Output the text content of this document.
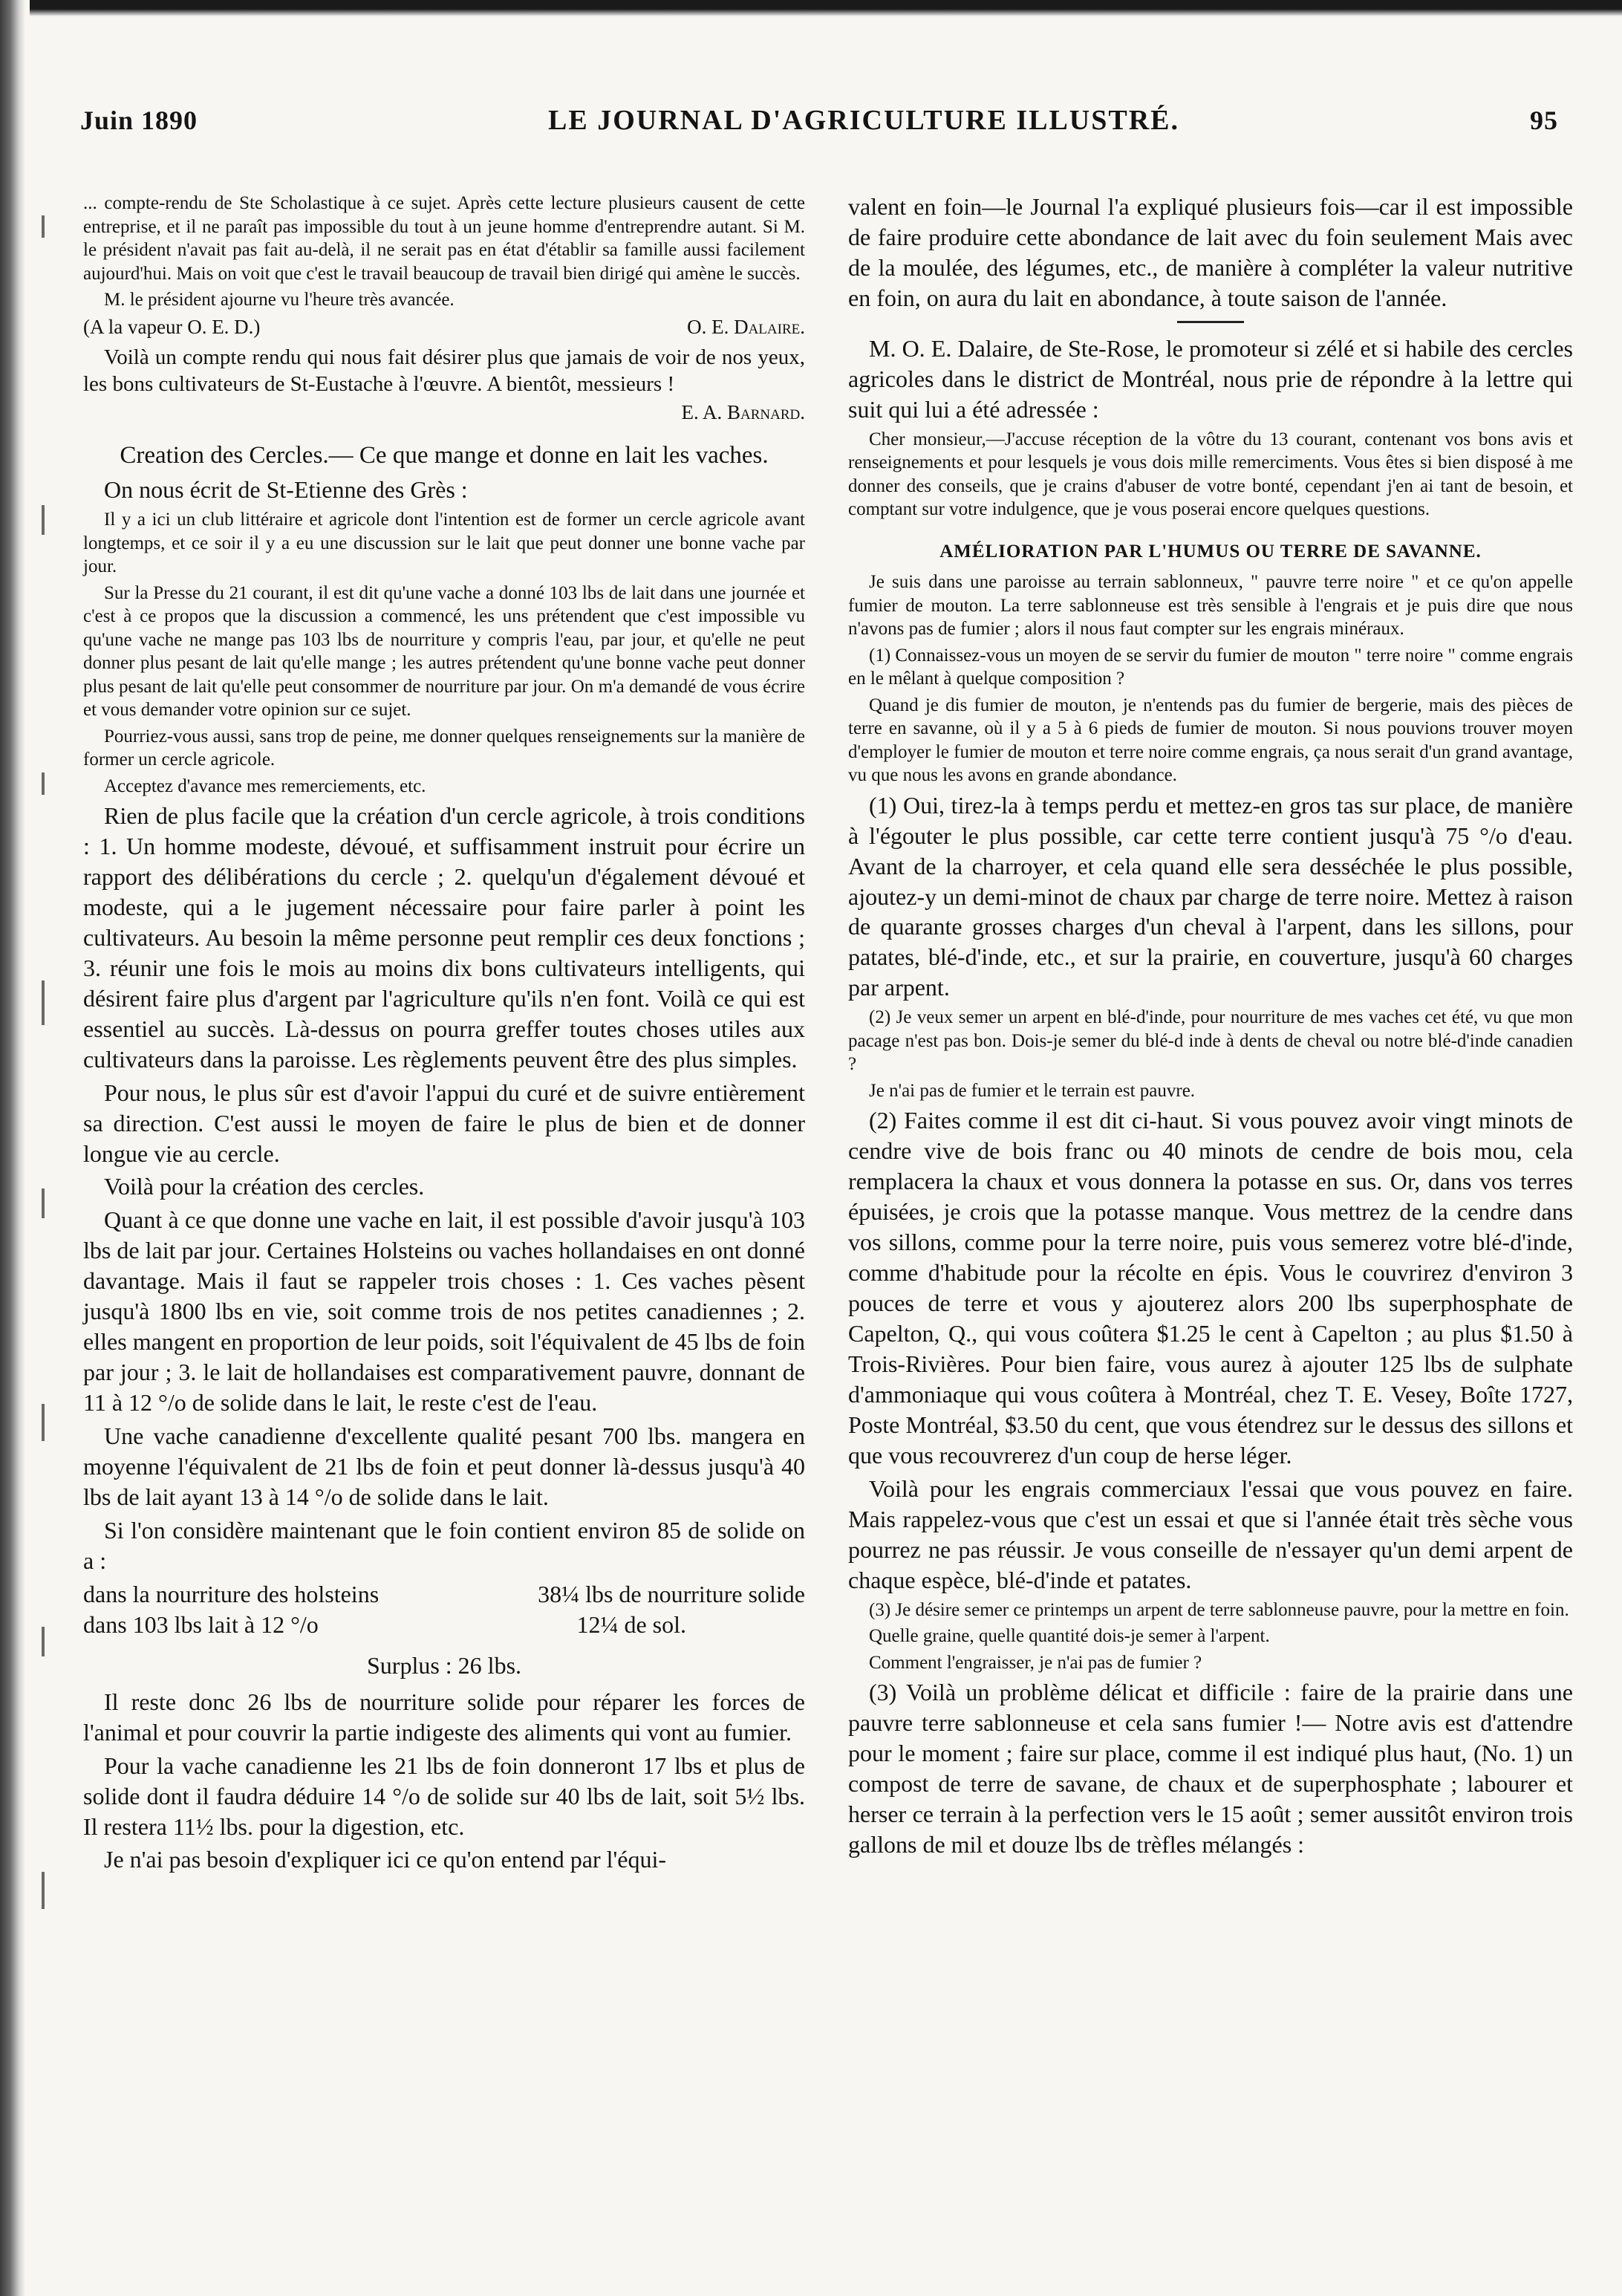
Juin 1890	LE JOURNAL D'AGRICULTURE ILLUSTRÉ.	95

... compte-rendu de Ste Scholastique à ce sujet. Après cette lecture plusieurs causent de cette entreprise, et il ne paraît pas impossible du tout à un jeune homme d'entreprendre autant. Si M. le président n'avait pas fait au-delà, il ne serait pas en état d'établir sa famille aussi facilement aujourd'hui. Mais on voit que c'est le travail beaucoup de travail bien dirigé qui amène le succès.

M. le président ajourne vu l'heure très avancée.

(A la vapeur O. E. D.)	O. E. Dalaire.

Voilà un compte rendu qui nous fait désirer plus que jamais de voir de nos yeux, les bons cultivateurs de St-Eustache à l'œuvre. A bientôt, messieurs !

E. A. Barnard.
Creation des Cercles.— Ce que mange et donne en lait les vaches.

On nous écrit de St-Etienne des Grès :

Il y a ici un club littéraire et agricole dont l'intention est de former un cercle agricole avant longtemps, et ce soir il y a eu une discussion sur le lait que peut donner une bonne vache par jour.

Sur la Presse du 21 courant, il est dit qu'une vache a donné 103 lbs de lait dans une journée et c'est à ce propos que la discussion a commencé, les uns prétendent que c'est impossible vu qu'une vache ne mange pas 103 lbs de nourriture y compris l'eau, par jour, et qu'elle ne peut donner plus pesant de lait qu'elle mange ; les autres prétendent qu'une bonne vache peut donner plus pesant de lait qu'elle peut consommer de nourriture par jour. On m'a demandé de vous écrire et vous demander votre opinion sur ce sujet.

Pourriez-vous aussi, sans trop de peine, me donner quelques renseignements sur la manière de former un cercle agricole.

Acceptez d'avance mes remerciements, etc.

Rien de plus facile que la création d'un cercle agricole, à trois conditions : 1. Un homme modeste, dévoué, et suffisamment instruit pour écrire un rapport des délibérations du cercle ; 2. quelqu'un d'également dévoué et modeste, qui a le jugement nécessaire pour faire parler à point les cultivateurs. Au besoin la même personne peut remplir ces deux fonctions ; 3. réunir une fois le mois au moins dix bons cultivateurs intelligents, qui désirent faire plus d'argent par l'agriculture qu'ils n'en font. Voilà ce qui est essentiel au succès. Là-dessus on pourra greffer toutes choses utiles aux cultivateurs dans la paroisse. Les règlements peuvent être des plus simples.

Pour nous, le plus sûr est d'avoir l'appui du curé et de suivre entièrement sa direction. C'est aussi le moyen de faire le plus de bien et de donner longue vie au cercle.

Voilà pour la création des cercles.

Quant à ce que donne une vache en lait, il est possible d'avoir jusqu'à 103 lbs de lait par jour. Certaines Holsteins ou vaches hollandaises en ont donné davantage. Mais il faut se rappeler trois choses : 1. Ces vaches pèsent jusqu'à 1800 lbs en vie, soit comme trois de nos petites canadiennes ; 2. elles mangent en proportion de leur poids, soit l'équivalent de 45 lbs de foin par jour ; 3. le lait de hollandaises est comparativement pauvre, donnant de 11 à 12 °/o de solide dans le lait, le reste c'est de l'eau.

Une vache canadienne d'excellente qualité pesant 700 lbs. mangera en moyenne l'équivalent de 21 lbs de foin et peut donner là-dessus jusqu'à 40 lbs de lait ayant 13 à 14 °/o de solide dans le lait.

Si l'on considère maintenant que le foin contient environ 85 de solide on a :

dans la nourriture des holsteins	38¼ lbs de nourriture solide
dans 103 lbs lait à 12 °/o	12¼ de sol.

Surplus : 26 lbs.

Il reste donc 26 lbs de nourriture solide pour réparer les forces de l'animal et pour couvrir la partie indigeste des aliments qui vont au fumier.

Pour la vache canadienne les 21 lbs de foin donneront 17 lbs et plus de solide dont il faudra déduire 14 °/o de solide sur 40 lbs de lait, soit 5½ lbs. Il restera 11½ lbs. pour la digestion, etc.

Je n'ai pas besoin d'expliquer ici ce qu'on entend par l'équi-

valent en foin—le Journal l'a expliqué plusieurs fois—car il est impossible de faire produire cette abondance de lait avec du foin seulement Mais avec de la moulée, des légumes, etc., de manière à compléter la valeur nutritive en foin, on aura du lait en abondance, à toute saison de l'année.

M. O. E. Dalaire, de Ste-Rose, le promoteur si zélé et si habile des cercles agricoles dans le district de Montréal, nous prie de répondre à la lettre qui suit qui lui a été adressée :

Cher monsieur,—J'accuse réception de la vôtre du 13 courant, contenant vos bons avis et renseignements et pour lesquels je vous dois mille remerciments. Vous êtes si bien disposé à me donner des conseils, que je crains d'abuser de votre bonté, cependant j'en ai tant de besoin, et comptant sur votre indulgence, que je vous poserai encore quelques questions.

AMÉLIORATION PAR L'HUMUS OU TERRE DE SAVANNE.

Je suis dans une paroisse au terrain sablonneux, " pauvre terre noire " et ce qu'on appelle fumier de mouton. La terre sablonneuse est très sensible à l'engrais et je puis dire que nous n'avons pas de fumier ; alors il nous faut compter sur les engrais minéraux.

(1) Connaissez-vous un moyen de se servir du fumier de mouton " terre noire " comme engrais en le mêlant à quelque composition ?

Quand je dis fumier de mouton, je n'entends pas du fumier de bergerie, mais des pièces de terre en savanne, où il y a 5 à 6 pieds de fumier de mouton. Si nous pouvions trouver moyen d'employer le fumier de mouton et terre noire comme engrais, ça nous serait d'un grand avantage, vu que nous les avons en grande abondance.

(1) Oui, tirez-la à temps perdu et mettez-en gros tas sur place, de manière à l'égouter le plus possible, car cette terre contient jusqu'à 75 °/o d'eau. Avant de la charroyer, et cela quand elle sera desséchée le plus possible, ajoutez-y un demi-minot de chaux par charge de terre noire. Mettez à raison de quarante grosses charges d'un cheval à l'arpent, dans les sillons, pour patates, blé-d'inde, etc., et sur la prairie, en couverture, jusqu'à 60 charges par arpent.

(2) Je veux semer un arpent en blé-d'inde, pour nourriture de mes vaches cet été, vu que mon pacage n'est pas bon. Dois-je semer du blé-d inde à dents de cheval ou notre blé-d'inde canadien ?

Je n'ai pas de fumier et le terrain est pauvre.

(2) Faites comme il est dit ci-haut. Si vous pouvez avoir vingt minots de cendre vive de bois franc ou 40 minots de cendre de bois mou, cela remplacera la chaux et vous donnera la potasse en sus. Or, dans vos terres épuisées, je crois que la potasse manque. Vous mettrez de la cendre dans vos sillons, comme pour la terre noire, puis vous semerez votre blé-d'inde, comme d'habitude pour la récolte en épis. Vous le couvrirez d'environ 3 pouces de terre et vous y ajouterez alors 200 lbs superphosphate de Capelton, Q., qui vous coûtera $1.25 le cent à Capelton ; au plus $1.50 à Trois-Rivières. Pour bien faire, vous aurez à ajouter 125 lbs de sulphate d'ammoniaque qui vous coûtera à Montréal, chez T. E. Vesey, Boîte 1727, Poste Montréal, $3.50 du cent, que vous étendrez sur le dessus des sillons et que vous recouvrerez d'un coup de herse léger.

Voilà pour les engrais commerciaux l'essai que vous pouvez en faire. Mais rappelez-vous que c'est un essai et que si l'année était très sèche vous pourrez ne pas réussir. Je vous conseille de n'essayer qu'un demi arpent de chaque espèce, blé-d'inde et patates.

(3) Je désire semer ce printemps un arpent de terre sablonneuse pauvre, pour la mettre en foin.

Quelle graine, quelle quantité dois-je semer à l'arpent.

Comment l'engraisser, je n'ai pas de fumier ?

(3) Voilà un problème délicat et difficile : faire de la prairie dans une pauvre terre sablonneuse et cela sans fumier !— Notre avis est d'attendre pour le moment ; faire sur place, comme il est indiqué plus haut, (No. 1) un compost de terre de savane, de chaux et de superphosphate ; labourer et herser ce terrain à la perfection vers le 15 août ; semer aussitôt environ trois gallons de mil et douze lbs de trèfles mélangés :
